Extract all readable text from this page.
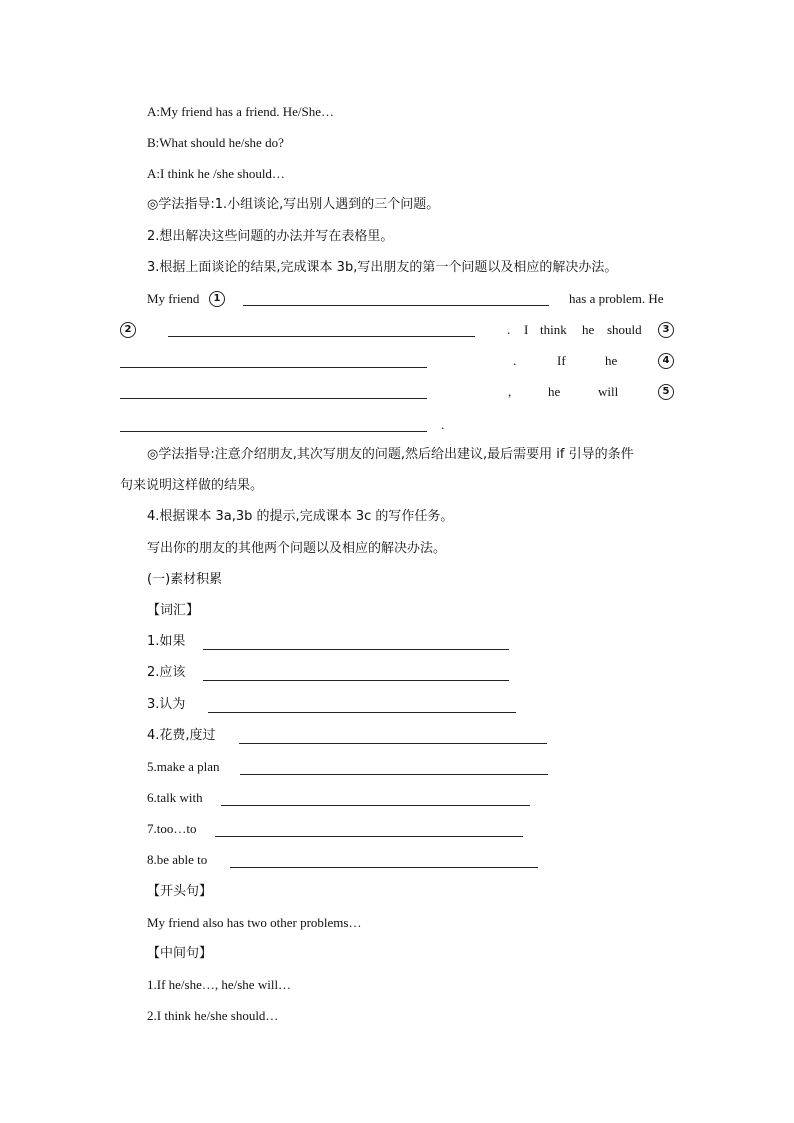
A:My friend has a friend. He/She…
B:What should he/she do?
A:I think he /she should…
◎学法指导:1.小组谈论,写出别人遇到的三个问题。
2.想出解决这些问题的办法并写在表格里。
3.根据上面谈论的结果,完成课本 3b,写出朋友的第一个问题以及相应的解决办法。
My friend	1	has a problem. He
2	. I think he should	3
.	If	he	4
,	he	will	5
.
◎学法指导:注意介绍朋友,其次写朋友的问题,然后给出建议,最后需要用 if 引导的条件
句来说明这样做的结果。
4.根据课本 3a,3b 的提示,完成课本 3c 的写作任务。
写出你的朋友的其他两个问题以及相应的解决办法。
(一)素材积累
【词汇】
1.如果
2.应该
3.认为
4.花费,度过
5.make a plan
6.talk with
7.too…to
8.be able to
【开头句】
My friend also has two other problems…
【中间句】
1.If he/she…, he/she will…
2.I think he/she should…
